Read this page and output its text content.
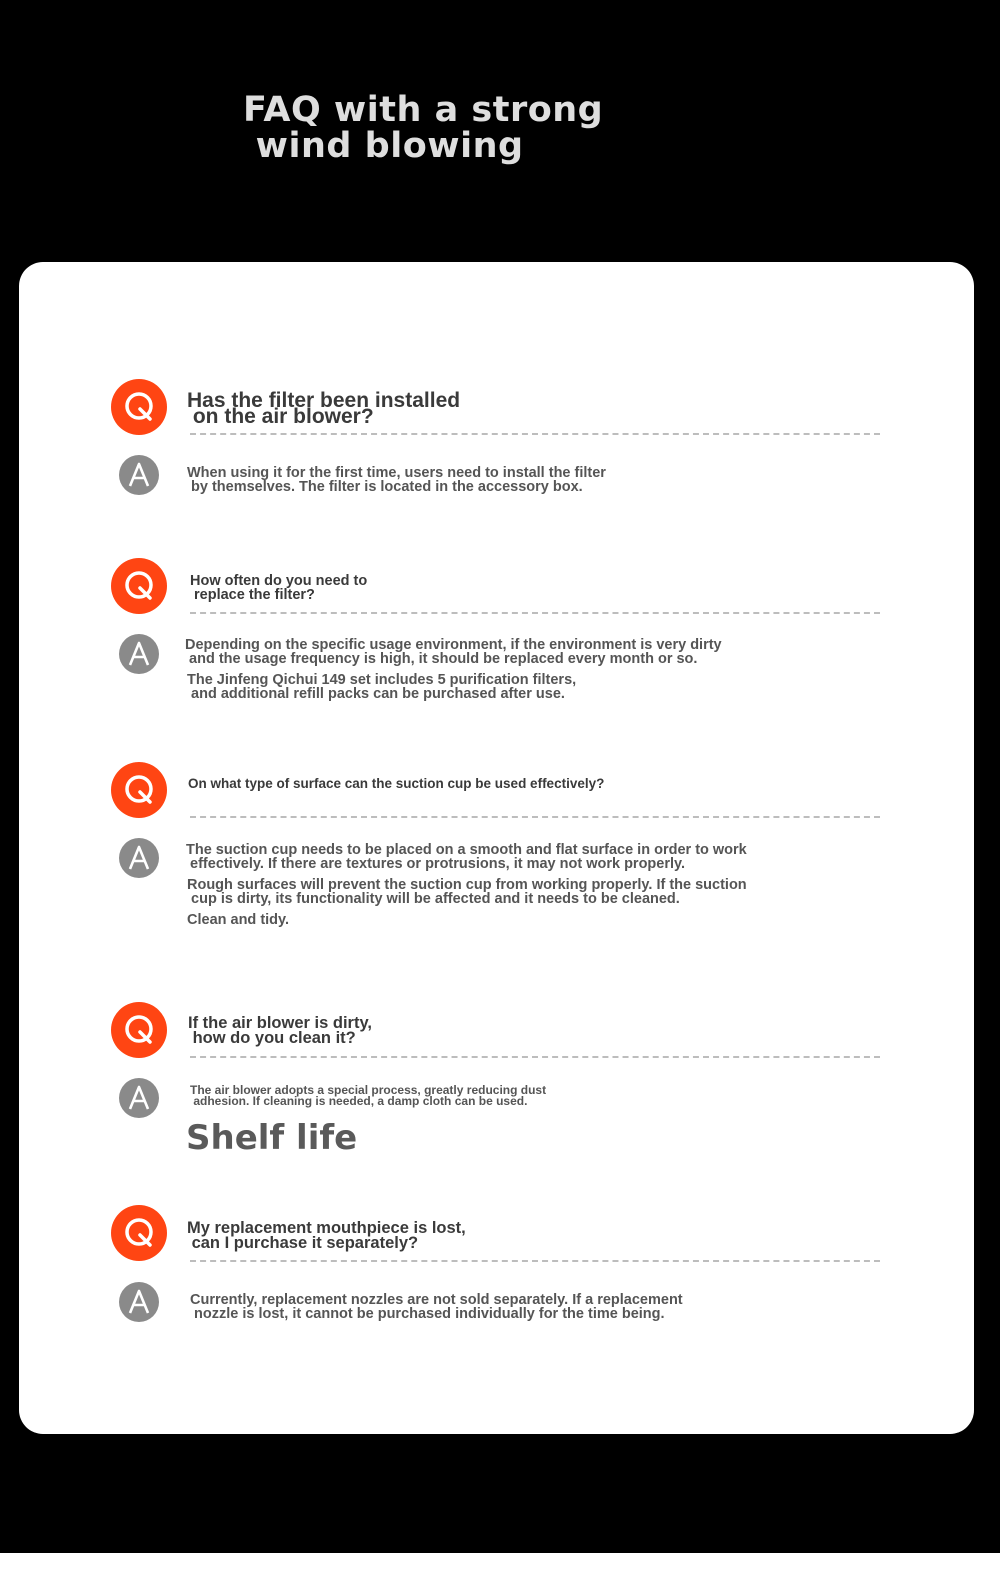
FAQ with a strong
wind blowing

Has the filter been installed
on the air blower?

When using it for the first time, users need to install the filter
by themselves. The filter is located in the accessory box.

How often do you need to
replace the filter?

Depending on the specific usage environment, if the environment is very dirty
and the usage frequency is high, it should be replaced every month or so.

The Jinfeng Qichui 149 set includes 5 purification filters,
and additional refill packs can be purchased after use.

On what type of surface can the suction cup be used effectively?

The suction cup needs to be placed on a smooth and flat surface in order to work
effectively. If there are textures or protrusions, it may not work properly.

Rough surfaces will prevent the suction cup from working properly. If the suction
cup is dirty, its functionality will be affected and it needs to be cleaned.

Clean and tidy.

If the air blower is dirty,
how do you clean it?

The air blower adopts a special process, greatly reducing dust
adhesion. If cleaning is needed, a damp cloth can be used.

Shelf life

My replacement mouthpiece is lost,
can I purchase it separately?

Currently, replacement nozzles are not sold separately. If a replacement
nozzle is lost, it cannot be purchased individually for the time being.
